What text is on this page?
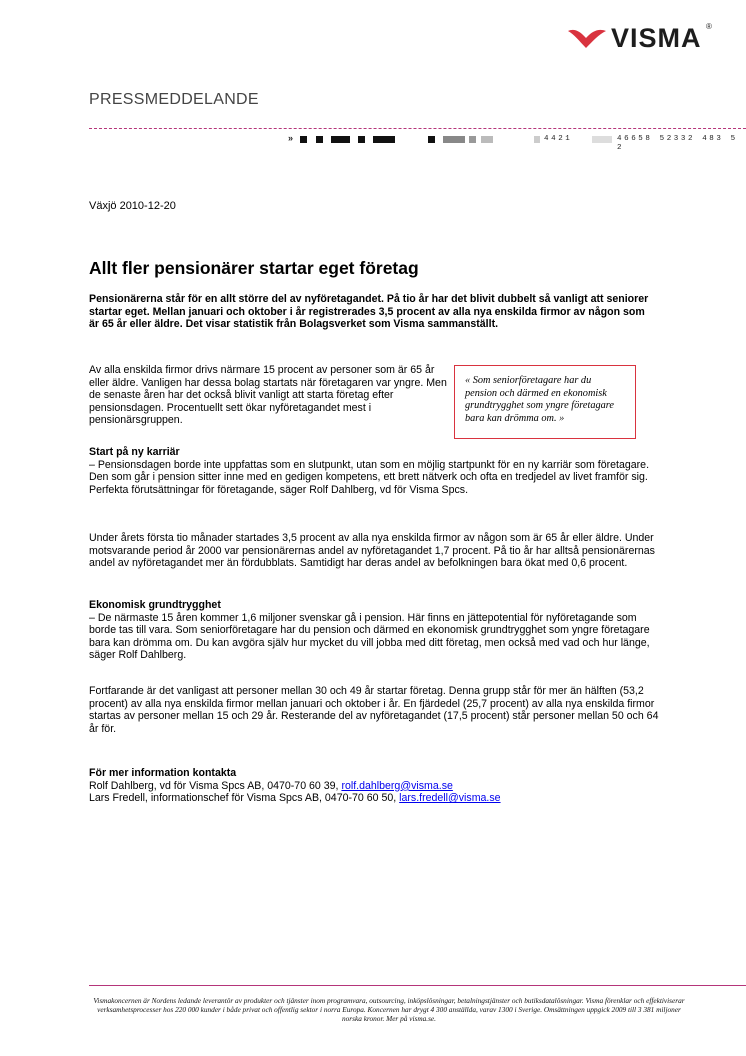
VISMA ®
PRESSMEDDELANDE
»	4421	46658 52332 483 5 2
Växjö 2010-12-20
Allt fler pensionärer startar eget företag

Pensionärerna står för en allt större del av nyföretagandet. På tio år har det blivit dubbelt så vanligt att seniorer startar eget. Mellan januari och oktober i år registrerades 3,5 procent av alla nya enskilda firmor av någon som är 65 år eller äldre. Det visar statistik från Bolagsverket som Visma sammanställt.

Av alla enskilda firmor drivs närmare 15 procent av personer som är 65 år eller äldre. Vanligen har dessa bolag startats när företagaren var yngre. Men de senaste åren har det också blivit vanligt att starta företag efter pensionsdagen. Procentuellt sett ökar nyföretagandet mest i pensionärsgruppen.

« Som seniorföretagare har du pension och därmed en ekonomisk grundtrygghet som yngre företagare bara kan drömma om. »
Start på ny karriär
– Pensionsdagen borde inte uppfattas som en slutpunkt, utan som en möjlig startpunkt för en ny karriär som företagare. Den som går i pension sitter inne med en gedigen kompetens, ett brett nätverk och ofta en tredjedel av livet framför sig. Perfekta förutsättningar för företagande, säger Rolf Dahlberg, vd för Visma Spcs.

Under årets första tio månader startades 3,5 procent av alla nya enskilda firmor av någon som är 65 år eller äldre. Under motsvarande period år 2000 var pensionärernas andel av nyföretagandet 1,7 procent. På tio år har alltså pensionärernas andel av nyföretagandet mer än fördubblats. Samtidigt har deras andel av befolkningen bara ökat med 0,6 procent.

Ekonomisk grundtrygghet
– De närmaste 15 åren kommer 1,6 miljoner svenskar gå i pension. Här finns en jättepotential för nyföretagande som borde tas till vara. Som seniorföretagare har du pension och därmed en ekonomisk grundtrygghet som yngre företagare bara kan drömma om. Du kan avgöra själv hur mycket du vill jobba med ditt företag, men också med vad och hur länge, säger Rolf Dahlberg.

Fortfarande är det vanligast att personer mellan 30 och 49 år startar företag. Denna grupp står för mer än hälften (53,2 procent) av alla nya enskilda firmor mellan januari och oktober i år. En fjärdedel (25,7 procent) av alla nya enskilda firmor startas av personer mellan 15 och 29 år. Resterande del av nyföretagandet (17,5 procent) står personer mellan 50 och 64 år för.

För mer information kontakta
Rolf Dahlberg, vd för Visma Spcs AB, 0470-70 60 39, rolf.dahlberg@visma.se
Lars Fredell, informationschef för Visma Spcs AB, 0470-70 60 50, lars.fredell@visma.se
Vismakoncernen är Nordens ledande leverantör av produkter och tjänster inom programvara, outsourcing, inköpslösningar, betalningstjänster och butiksdatalösningar. Visma förenklar och effektiviserar verksamhetsprocesser hos 220 000 kunder i både privat och offentlig sektor i norra Europa. Koncernen har drygt 4 300 anställda, varav 1300 i Sverige. Omsättningen uppgick 2009 till 3 381 miljoner norska kronor. Mer på visma.se.
